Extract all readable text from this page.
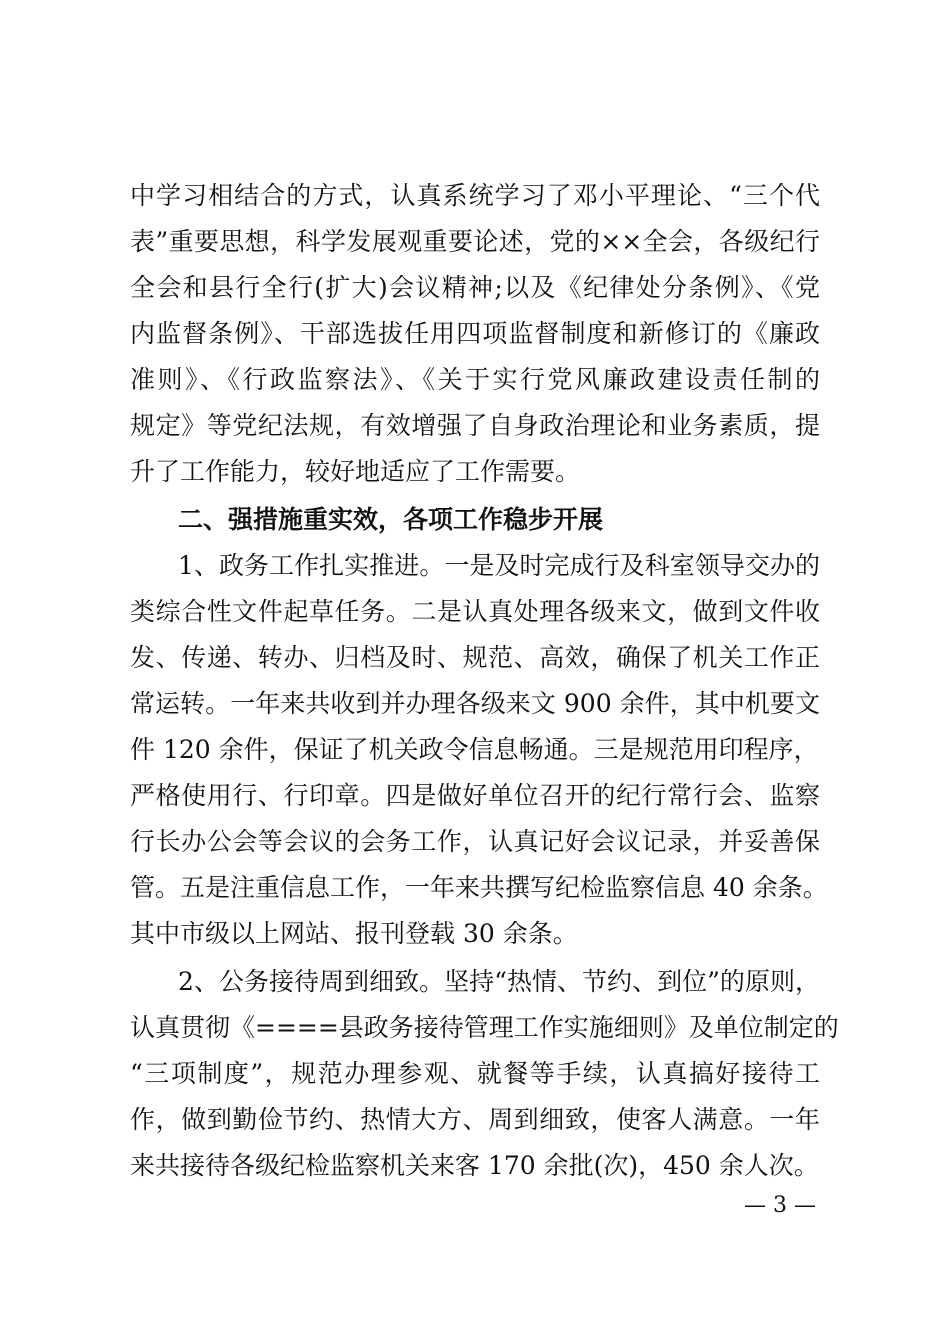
中学习相结合的方式，认真系统学习了邓小平理论、“三个代
表”重要思想，科学发展观重要论述，党的××全会，各级纪行
全会和县行全行(扩大)会议精神;以及《纪律处分条例》、《党
内监督条例》、干部选拔任用四项监督制度和新修订的《廉政
准则》、《行政监察法》、《关于实行党风廉政建设责任制的
规定》等党纪法规，有效增强了自身政治理论和业务素质，提
升了工作能力，较好地适应了工作需要。
二、强措施重实效，各项工作稳步开展
1、政务工作扎实推进。一是及时完成行及科室领导交办的
类综合性文件起草任务。二是认真处理各级来文，做到文件收
发、传递、转办、归档及时、规范、高效，确保了机关工作正
常运转。一年来共收到并办理各级来文 900 余件，其中机要文
件 120 余件，保证了机关政令信息畅通。三是规范用印程序，
严格使用行、行印章。四是做好单位召开的纪行常行会、监察
行长办公会等会议的会务工作，认真记好会议记录，并妥善保
管。五是注重信息工作，一年来共撰写纪检监察信息 40 余条。
其中市级以上网站、报刊登载 30 余条。
2、公务接待周到细致。坚持“热情、节约、到位”的原则，
认真贯彻《====县政务接待管理工作实施细则》及单位制定的
“三项制度”，规范办理参观、就餐等手续，认真搞好接待工
作，做到勤俭节约、热情大方、周到细致，使客人满意。一年
来共接待各级纪检监察机关来客 170 余批(次)，450 余人次。
— 3 —
